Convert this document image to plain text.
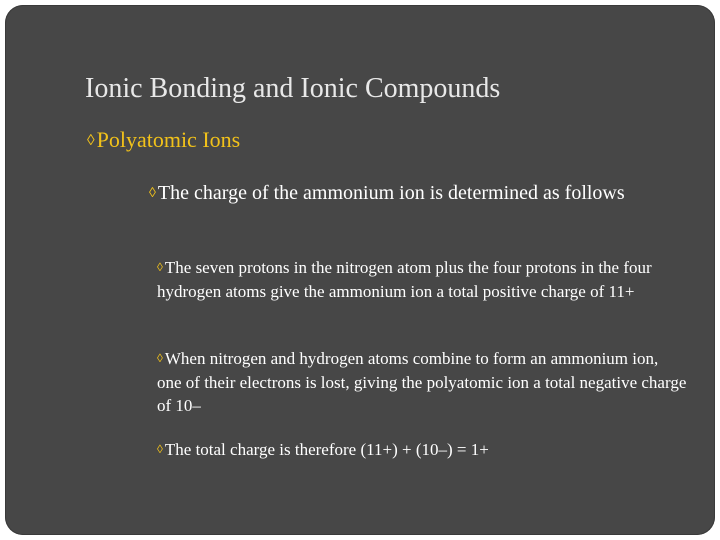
Ionic Bonding and Ionic Compounds
◊Polyatomic Ions
◊ The charge of the ammonium ion is determined as follows
◊ The seven protons in the nitrogen atom plus the four protons in the four hydrogen atoms give the ammonium ion a total positive charge of 11+
◊ When nitrogen and hydrogen atoms combine to form an ammonium ion, one of their electrons is lost, giving the polyatomic ion a total negative charge of 10–
◊ The total charge is therefore (11+) + (10–) = 1+
